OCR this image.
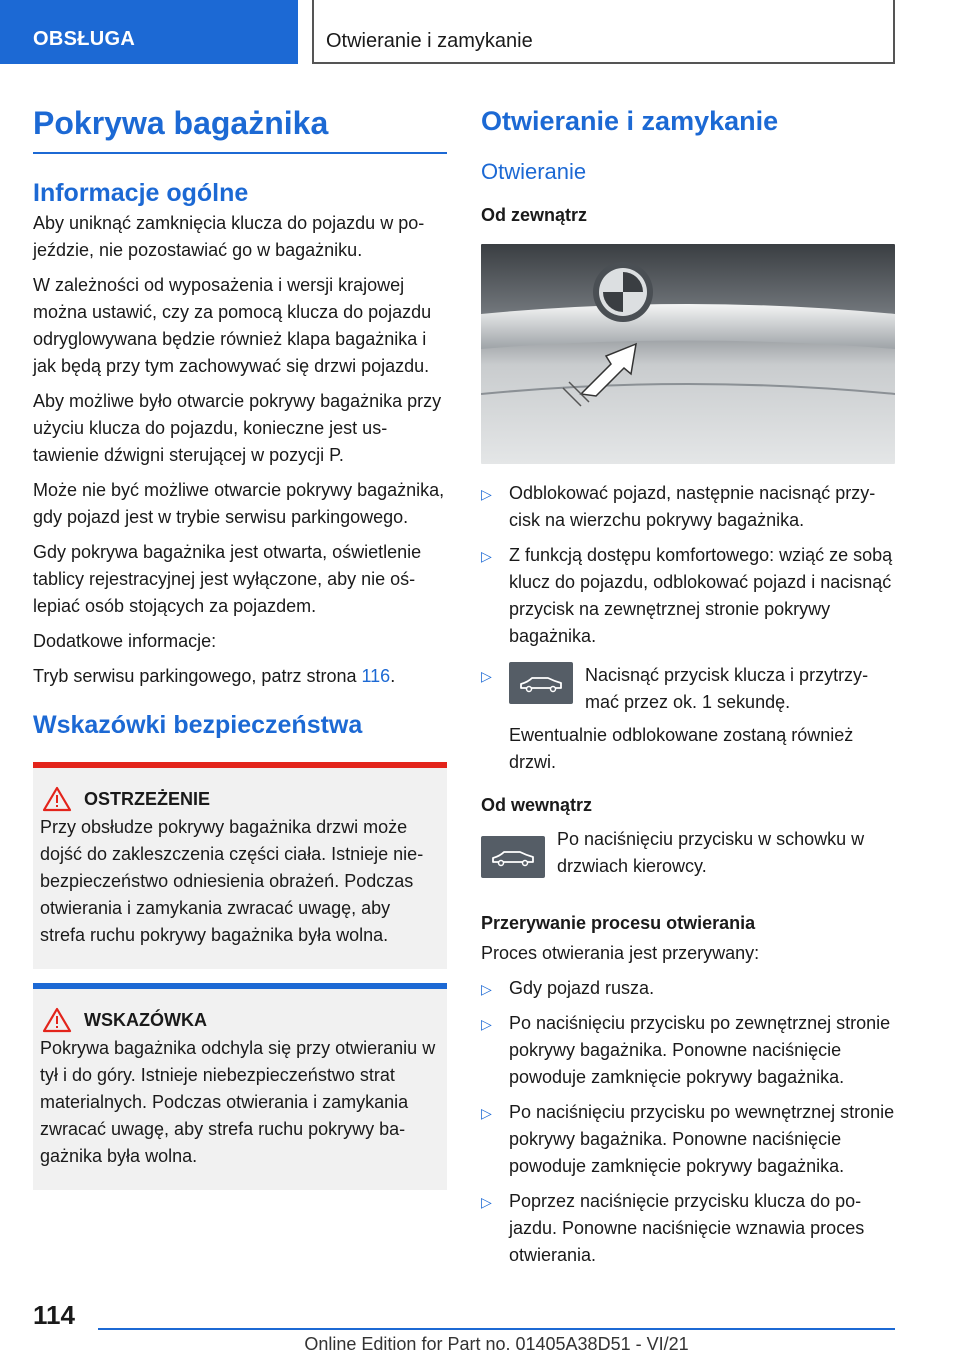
OBSŁUGA	Otwieranie i zamykanie
Pokrywa bagażnika
Informacje ogólne

Aby uniknąć zamknięcia klucza do pojazdu w pojeździe, nie pozostawiać go w bagażniku.

W zależności od wyposażenia i wersji krajowej można ustawić, czy za pomocą klucza do pojazdu odryglowywana będzie również klapa bagażnika i jak będą przy tym zachowywać się drzwi pojazdu.

Aby możliwe było otwarcie pokrywy bagażnika przy użyciu klucza do pojazdu, konieczne jest ustawienie dźwigni sterującej w pozycji P.

Może nie być możliwe otwarcie pokrywy bagażnika, gdy pojazd jest w trybie serwisu parkingowego.

Gdy pokrywa bagażnika jest otwarta, oświetlenie tablicy rejestracyjnej jest wyłączone, aby nie oślepiać osób stojących za pojazdem.

Dodatkowe informacje:

Tryb serwisu parkingowego, patrz strona 116.

Wskazówki bezpieczeństwa
OSTRZEŻENIE

Przy obsłudze pokrywy bagażnika drzwi może dojść do zakleszczenia części ciała. Istnieje niebezpieczeństwo odniesienia obrażeń. Podczas otwierania i zamykania zwracać uwagę, aby strefa ruchu pokrywy bagażnika była wolna.

WSKAZÓWKA

Pokrywa bagażnika odchyla się przy otwieraniu w tył i do góry. Istnieje niebezpieczeństwo strat materialnych. Podczas otwierania i zamykania zwracać uwagę, aby strefa ruchu pokrywy bagażnika była wolna.

Otwieranie i zamykanie
Otwieranie
Od zewnątrz
▷ Odblokować pojazd, następnie nacisnąć przycisk na wierzchu pokrywy bagażnika.
▷ Z funkcją dostępu komfortowego: wziąć ze sobą klucz do pojazdu, odblokować pojazd i nacisnąć przycisk na zewnętrznej stronie pokrywy bagażnika.
▷	Nacisnąć przycisk klucza i przytrzymać przez ok. 1 sekundę.

Ewentualnie odblokowane zostaną również drzwi.

Od wewnątrz

Po naciśnięciu przycisku w schowku w drzwiach kierowcy.

Przerywanie procesu otwierania

Proces otwierania jest przerywany:

▷ Gdy pojazd rusza.
▷ Po naciśnięciu przycisku po zewnętrznej stronie pokrywy bagażnika. Ponowne naciśnięcie powoduje zamknięcie pokrywy bagażnika.
▷ Po naciśnięciu przycisku po wewnętrznej stronie pokrywy bagażnika. Ponowne naciśnięcie powoduje zamknięcie pokrywy bagażnika.
▷ Poprzez naciśnięcie przycisku klucza do pojazdu. Ponowne naciśnięcie wznawia proces otwierania.
114
Online Edition for Part no. 01405A38D51 - VI/21
